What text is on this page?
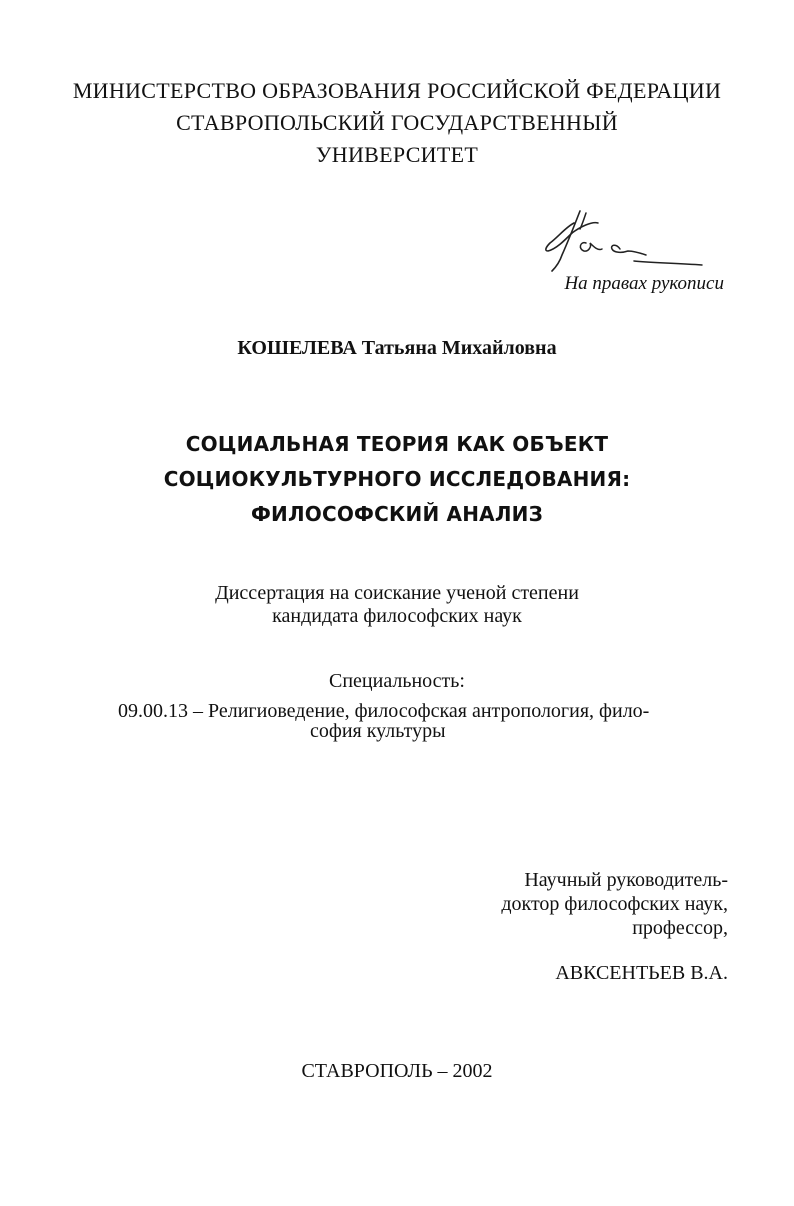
МИНИСТЕРСТВО ОБРАЗОВАНИЯ РОССИЙСКОЙ ФЕДЕРАЦИИ
СТАВРОПОЛЬСКИЙ ГОСУДАРСТВЕННЫЙ
УНИВЕРСИТЕТ
На правах рукописи
КОШЕЛЕВА Татьяна Михайловна
СОЦИАЛЬНАЯ ТЕОРИЯ КАК ОБЪЕКТ
СОЦИОКУЛЬТУРНОГО ИССЛЕДОВАНИЯ:
ФИЛОСОФСКИЙ АНАЛИЗ
Диссертация на соискание ученой степени
кандидата философских наук
Специальность:
09.00.13 – Религиоведение, философская антропология, фило-
софия культуры
Научный руководитель-
доктор философских наук,
профессор,
АВКСЕНТЬЕВ В.А.
СТАВРОПОЛЬ – 2002
